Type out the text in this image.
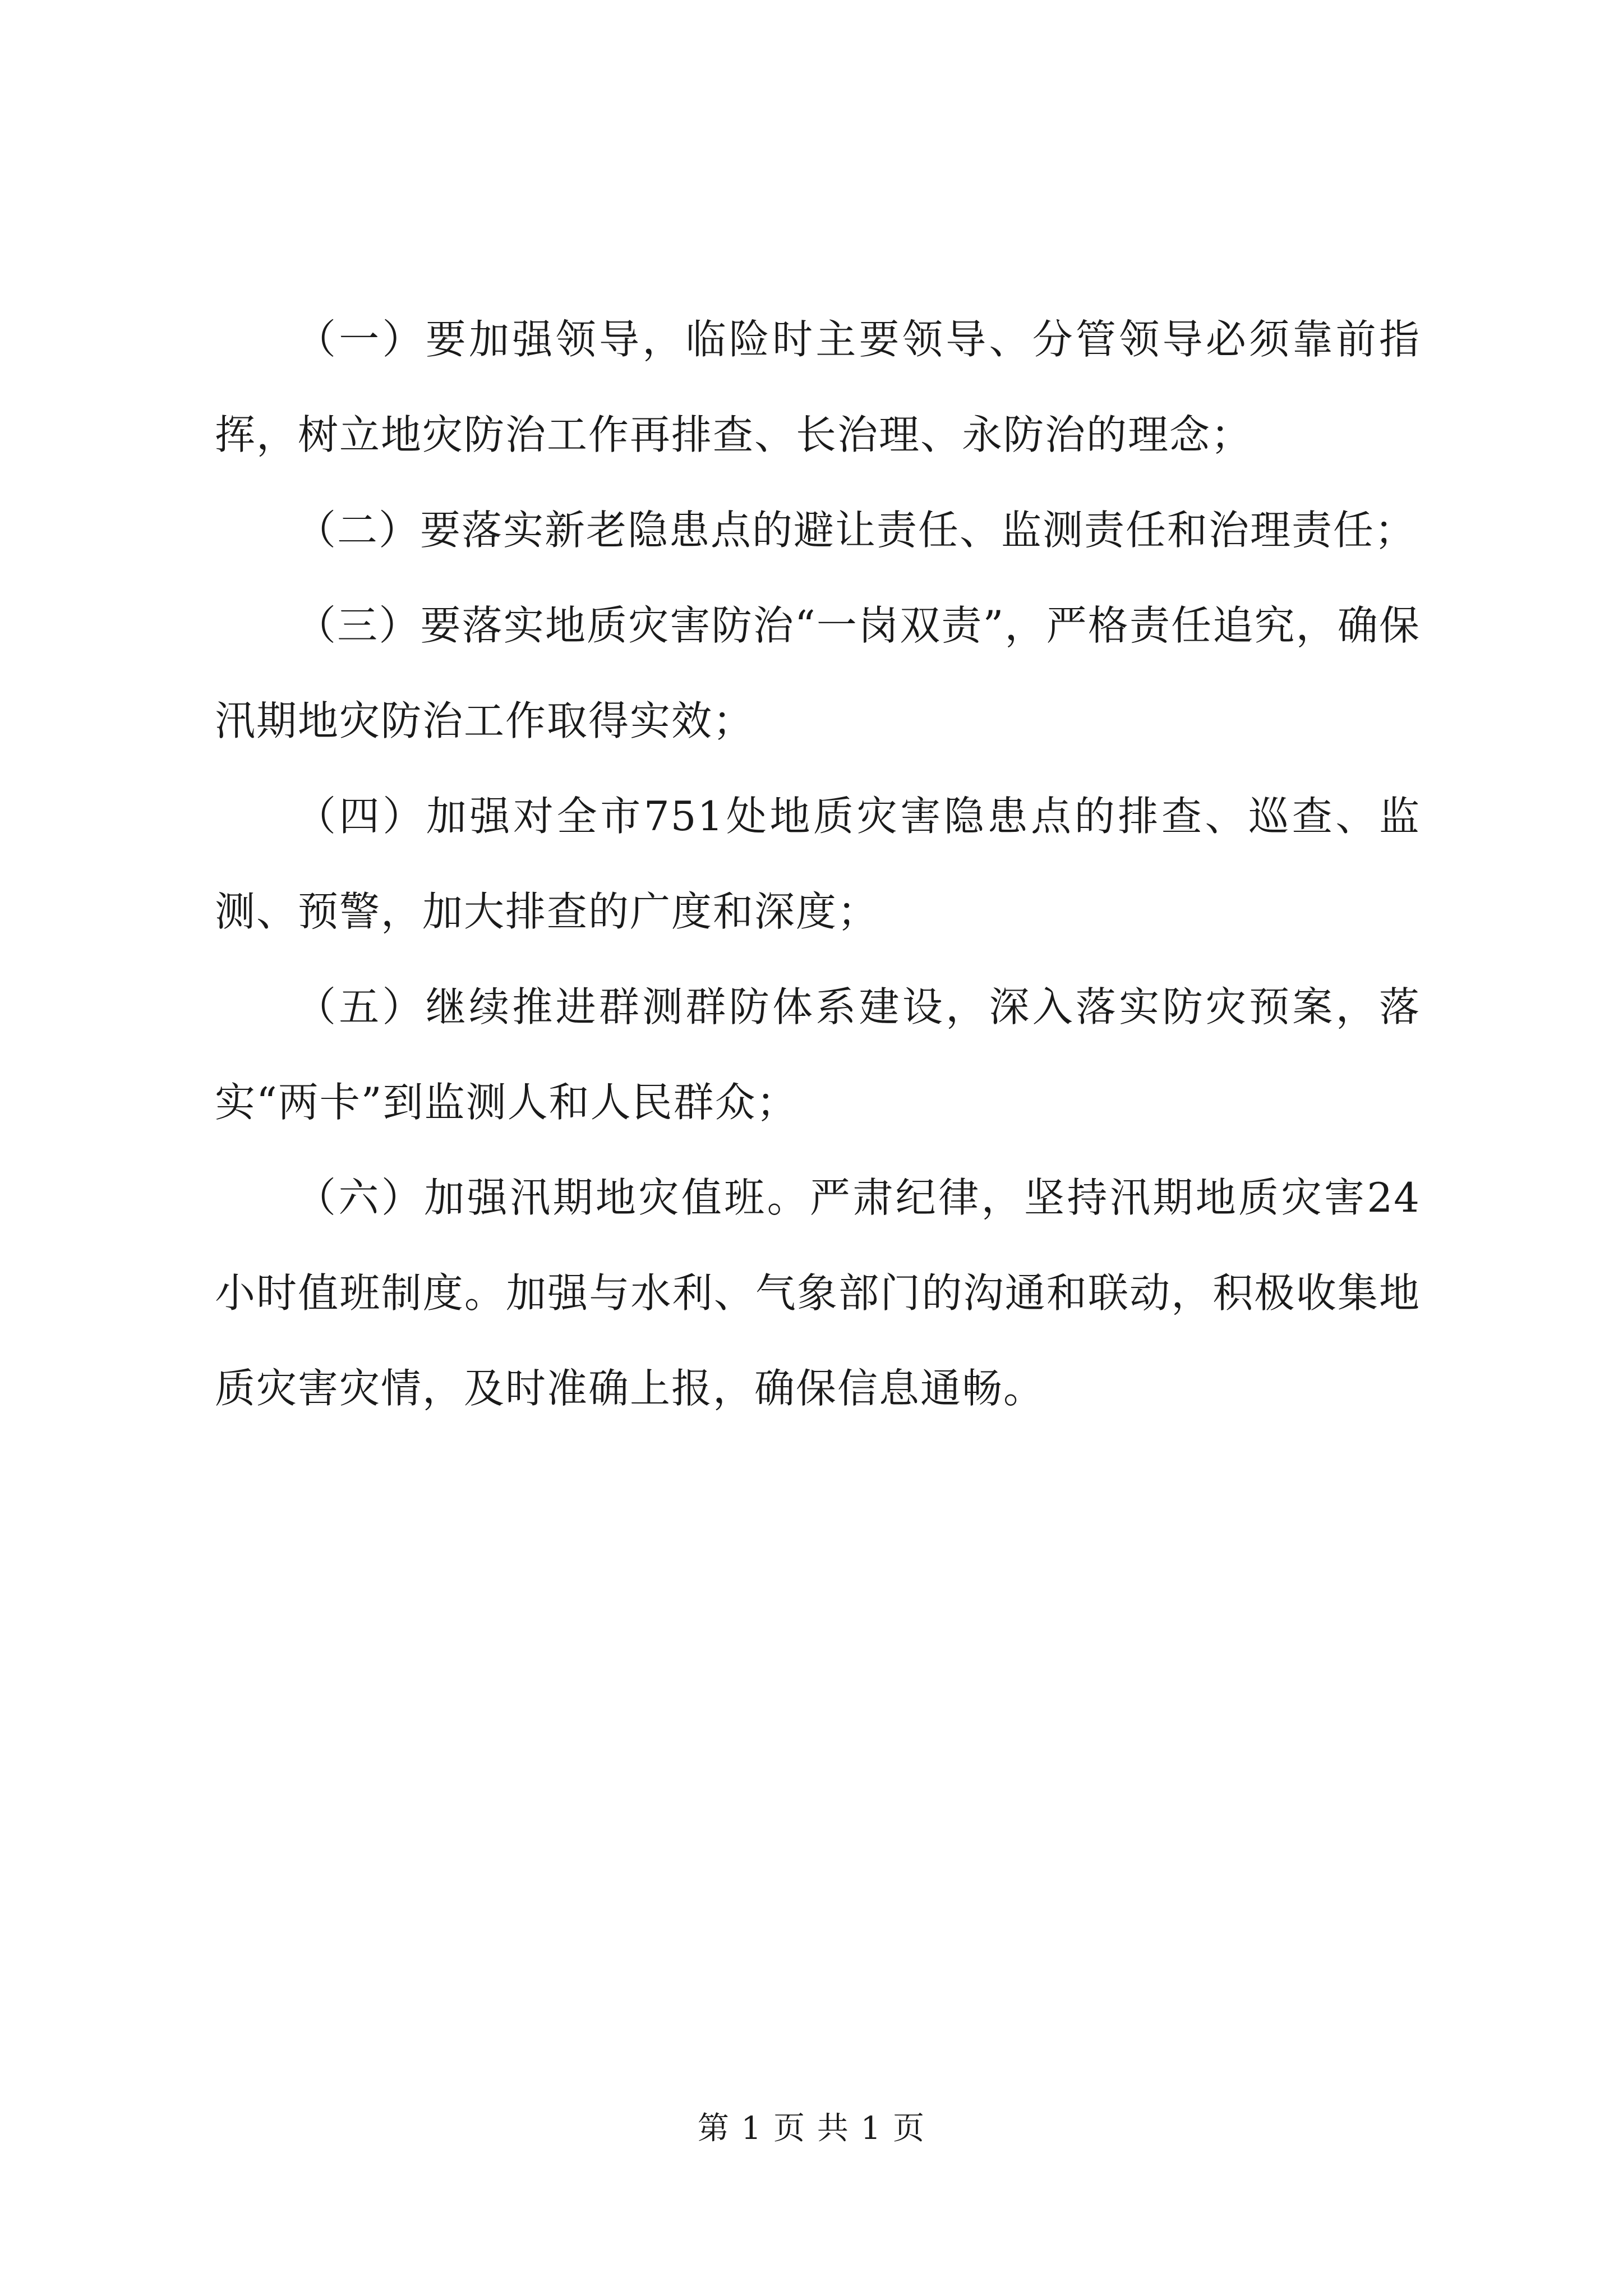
（一）要加强领导，临险时主要领导、分管领导必须靠前指挥，树立地灾防治工作再排查、长治理、永防治的理念；

（二）要落实新老隐患点的避让责任、监测责任和治理责任；

（三）要落实地质灾害防治“一岗双责”，严格责任追究，确保汛期地灾防治工作取得实效；

（四）加强对全市751处地质灾害隐患点的排查、巡查、监测、预警，加大排查的广度和深度；

（五）继续推进群测群防体系建设，深入落实防灾预案，落实“两卡”到监测人和人民群众；

（六）加强汛期地灾值班。严肃纪律，坚持汛期地质灾害24小时值班制度。加强与水利、气象部门的沟通和联动，积极收集地质灾害灾情，及时准确上报，确保信息通畅。

第 1 页 共 1 页
